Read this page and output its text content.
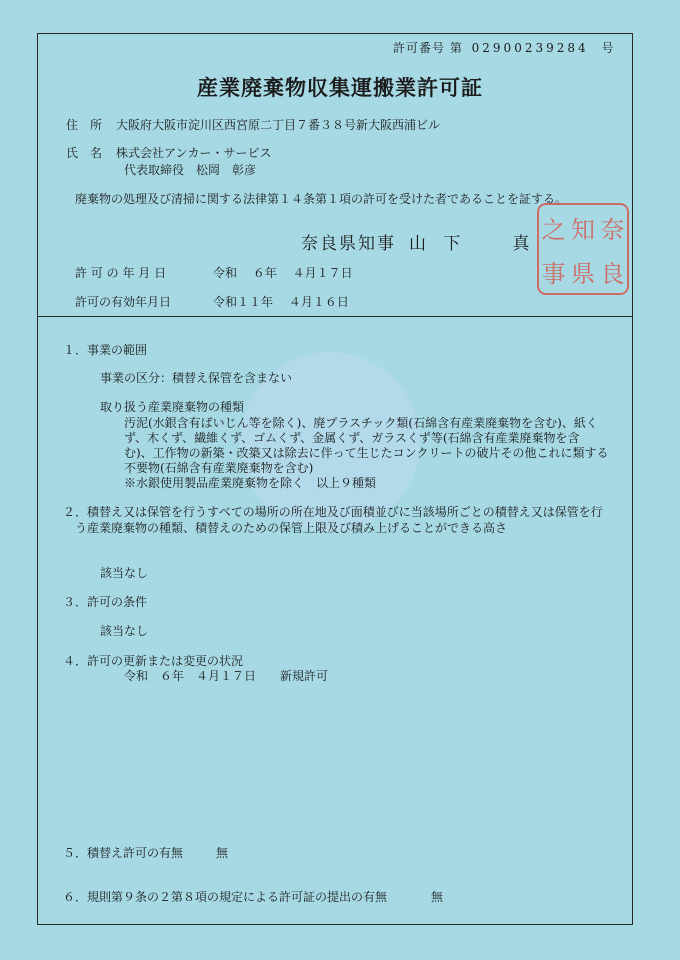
許可番号 第 02900239284 号
産業廃棄物収集運搬業許可証
住　所 大阪府大阪市淀川区西宮原二丁目７番３８号新大阪西浦ビル
氏　名 株式会社アンカー・サービス
代表取締役　松岡　彰彦
廃棄物の処理及び清掃に関する法律第１４条第１項の許可を受けた者であることを証する。
奈良県知事 山 下　　真
之 知 奈
事 県 良
許 可 の 年 月 日	令和　 ６年　 ４月１７日
許可の有効年月日	令和１１年　 ４月１６日
１．事業の範囲
事業の区分：積替え保管を含まない
取り扱う産業廃棄物の種類
汚泥(水銀含有ばいじん等を除く)、廃プラスチック類(石綿含有産業廃棄物を含む)、紙く
ず、木くず、繊維くず、ゴムくず、金属くず、ガラスくず等(石綿含有産業廃棄物を含
む)、工作物の新築・改築又は除去に伴って生じたコンクリートの破片その他これに類する
不要物(石綿含有産業廃棄物を含む)
※水銀使用製品産業廃棄物を除く　以上９種類
２．積替え又は保管を行うすべての場所の所在地及び面積並びに当該場所ごとの積替え又は保管を行
う産業廃棄物の種類、積替えのための保管上限及び積み上げることができる高さ
該当なし
３．許可の条件
該当なし
４．許可の更新または変更の状況
令和　６年　４月１７日　　新規許可
５．積替え許可の有無	無
６．規則第９条の２第８項の規定による許可証の提出の有無	無
